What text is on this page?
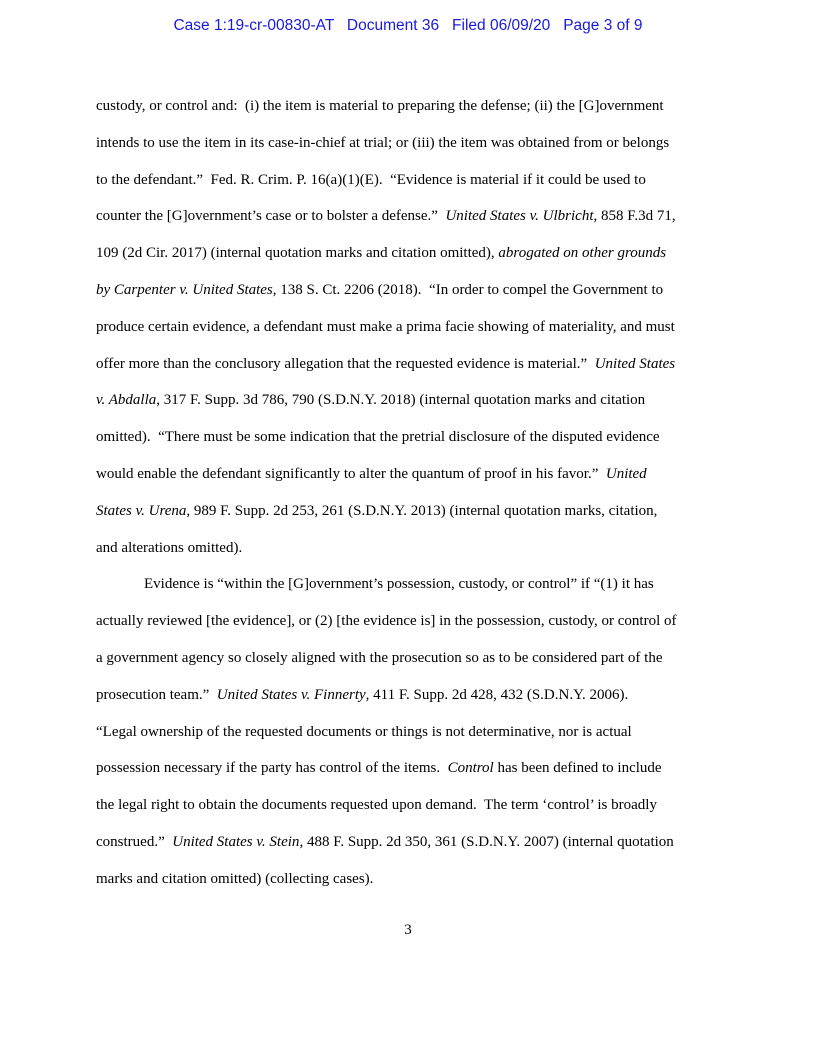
Case 1:19-cr-00830-AT   Document 36   Filed 06/09/20   Page 3 of 9
custody, or control and:  (i) the item is material to preparing the defense; (ii) the [G]overnment
intends to use the item in its case-in-chief at trial; or (iii) the item was obtained from or belongs
to the defendant.”  Fed. R. Crim. P. 16(a)(1)(E).  “Evidence is material if it could be used to
counter the [G]overnment’s case or to bolster a defense.”  United States v. Ulbricht, 858 F.3d 71,
109 (2d Cir. 2017) (internal quotation marks and citation omitted), abrogated on other grounds
by Carpenter v. United States, 138 S. Ct. 2206 (2018).  “In order to compel the Government to
produce certain evidence, a defendant must make a prima facie showing of materiality, and must
offer more than the conclusory allegation that the requested evidence is material.”  United States
v. Abdalla, 317 F. Supp. 3d 786, 790 (S.D.N.Y. 2018) (internal quotation marks and citation
omitted).  “There must be some indication that the pretrial disclosure of the disputed evidence
would enable the defendant significantly to alter the quantum of proof in his favor.”  United
States v. Urena, 989 F. Supp. 2d 253, 261 (S.D.N.Y. 2013) (internal quotation marks, citation,
and alterations omitted).
Evidence is “within the [G]overnment’s possession, custody, or control” if “(1) it has
actually reviewed [the evidence], or (2) [the evidence is] in the possession, custody, or control of
a government agency so closely aligned with the prosecution so as to be considered part of the
prosecution team.”  United States v. Finnerty, 411 F. Supp. 2d 428, 432 (S.D.N.Y. 2006).
“Legal ownership of the requested documents or things is not determinative, nor is actual
possession necessary if the party has control of the items.  Control has been defined to include
the legal right to obtain the documents requested upon demand.  The term ‘control’ is broadly
construed.”  United States v. Stein, 488 F. Supp. 2d 350, 361 (S.D.N.Y. 2007) (internal quotation
marks and citation omitted) (collecting cases).
3
